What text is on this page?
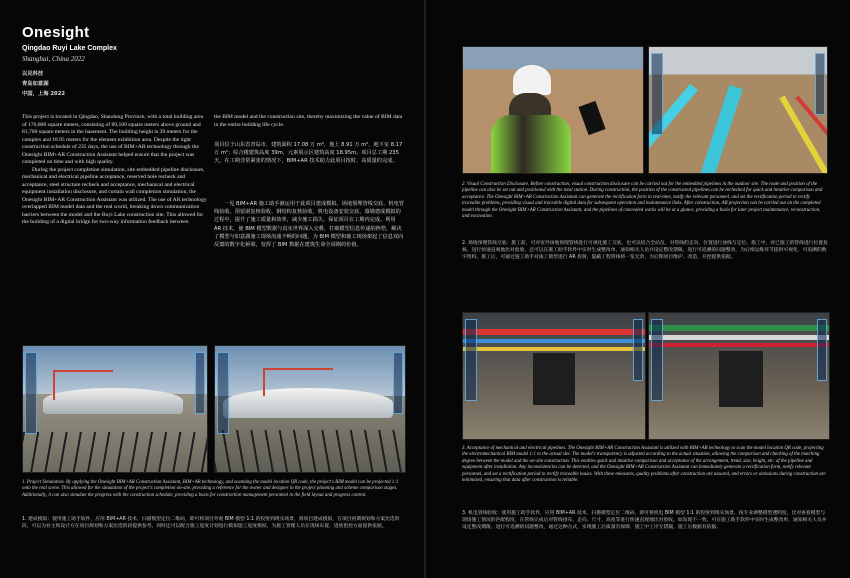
Onesight
Qingdao Ruyi Lake Complex
Shanghai, China 2022
以见科技
青岛如意湖
中国，上海 2022
This project is located in Qingdao, Shandong Province, with a total building area of 170,800 square meters, consisting of 89,100 square meters above ground and 81,700 square meters in the basement. The building height is 39 meters for the complex and 18.95 meters for the element exhibition area. Despite the tight construction schedule of 235 days, the use of BIM+AR technology through the Onesight BIM+AR Construction Assistant helped ensure that the project was completed on time and with high quality.
During the project completion simulation, site embedded pipeline disclosure, mechanical and electrical pipeline acceptance, reserved hole recheck and acceptance, steel structure recheck and acceptance, mechanical and electrical equipment installation disclosure, and curtain wall completion simulation, the Onesight BIM+AR Construction Assistant was utilized. The use of AR technology overlapped BIM model data and the real world, breaking down communication barriers between the model and the Ruyi Lake construction site. This allowed for the building of a digital bridge for two-way information feedback between
the BIM model and the construction site, thereby maximizing the value of BIM data in the entire building life cycle.
项目位于山东省青岛市，建筑面积 17.08 万 m²，地上 8.91 万 m²，地下室 8.17 万 m²；综合楼建筑高度 39m，元素展示区建筑高度 18.95m。项目总工期 235 天，在工期非常紧张的情况下，BIM+AR 技术助力此项目按时、高质量的完成。
一见 BIM+AR 施工助手被运用于此项目建成模拟、场地预埋管线交底、机电管线验收、预留洞复核验收、钢结构复核验收、机电设备安装交底、幕墙建成模拟的过程中，提升了施工质量和效率，减少施工损失，保证项目在工期内完成。利用 AR 技术，使 BIM 模型数据与真实世界深入交叠，打破模型信息传递的桎梏，解决了模型与如意湖施工现场沟通不畅的问题，为 BIM 模型和施工现场架起了信息双向反馈的数字化桥梁，发挥了 BIM 数据在建筑生命全周期的价值。
1. Project Simulation. By applying the Onesight BIM+AR Construction Assistant, BIM+AR technology, and scanning the model location QR code, the project's BIM model can be projected 1:1 onto the real scene. This allowed for the simulation of the project's completion on-site, providing a reference for the owner and designer in the project planning and scheme comparison stages. Additionally, it can also simulate the progress with the construction schedule, providing a basis for construction management personnel in the field layout and progress control.
1. 建成模拟：使用施工助手软件，应用 BIM+AR 技术，扫描模型定位二维码，即可将项目外观 BIM 模型 1:1 的投射到现实场景，将项目建成模拟，在项目初期规划和方案比选阶段，可以为业主和设计方在项目规划和方案比选阶段提供参考。同时还可以配合施工进度计划进行模拟施工进度模拟，为施工管理人员在现场布置、进度把控方面提供依据。
2. Visual Construction Disclosure. Before construction, visual construction disclosure can be carried out for the embedded pipelines in the outdoor site. The route and position of the pipeline can also be set out and positioned with the total station. During construction, the position of the constructed pipelines can be rechecked for quick and intuitive comparison and acceptance. The Onesight BIM+AR Construction Assistant can generate the rectification form in real-time, notify the relevant personnel, and set the rectification period to rectify traceable problems, providing visual and traceable digital data for subsequent operation and maintenance links. After construction, AR projection can be carried out on the completed model through the Onesight BIM+AR Construction Assistant, and the pipelines of concealed works will be at a glance, providing a basis for later project maintenance, reconstruction, and excavation.
2. 场地预埋管线交底：施工前，可对室外场地预埋管线进行可视化施工交底，也可以结合全站仪，对管线的走向、位置进行放线与定位。施工中，对已施工的管线进行位置复核，进行快速直观地比对验收，还可以在施工助手软件中实时生成整改单，通知相关人员并设定整改期限，进行可追溯的问题整改，为后续运维环节提供可视化、可追溯的数字资料。施工后，可通过施工助手对竣工模型进行 AR 投射，隐蔽工程管线将一览无余，为后期项目维护、改造、开挖提供依据。
3. Acceptance of mechanical and electrical pipelines. The Onesight BIM+AR Construction Assistant is utilized with BIM+AR technology to scan the model location QR code, projecting the electromechanical BIM model 1:1 to the actual site. The model's transparency is adjusted according to the actual situation, allowing the comparison and checking of the matching degree between the model and the on-site construction. This enables quick and intuitive comparison and acceptance of the arrangement, trend, size, height, etc. of the pipeline and equipment after installation. Any inconsistencies can be detected, and the Onesight BIM+AR Construction Assistant can immediately generate a rectification form, notify relevant personnel, and set a rectification period to rectify traceable issues. With these measures, quality problems after construction are assured, and errors or omissions during construction are minimized, ensuring that data after construction is reliable.
3. 机电管线验收：使用施工助手软件，应用 BIM+AR 技术，扫描模型定位二维码，即可将机电 BIM 模型 1:1 的投射到现实场景，按专业调整模型透明度，比对查看模型与现场施工情况的匹配程度，在管线完成后对管线排布、走向、尺寸、高度等进行快速直观地比对验收。如发现不一致，可在施工助手软件中实时生成整改单，通知相关人员并设定整改期限，进行可追溯的问题整改，通过这种方式，实现施工后质量有保障，施工中工序无错漏，施工后数据有依据。
